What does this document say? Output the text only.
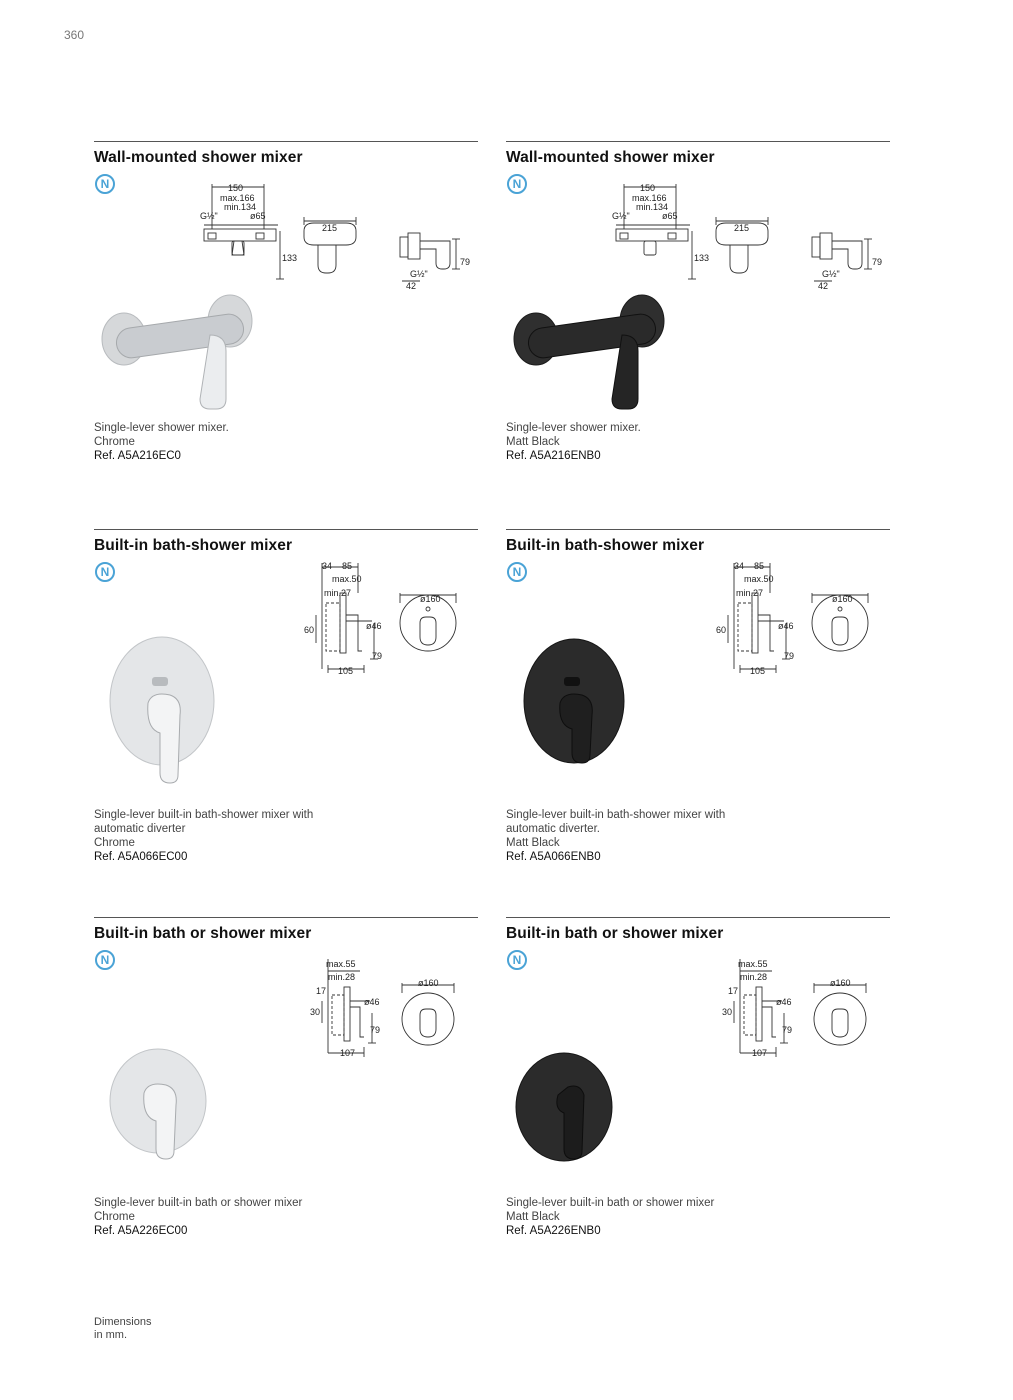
360
Wall-mounted shower mixer
N	150
max.166
min.134
G½"	ø65
133
215
79
G½"
42
Single-lever shower mixer.
Chrome
Ref. A5A216EC0
Wall-mounted shower mixer
N	150
max.166
min.134
G½"	ø65
133
215
79
G½"
42
Single-lever shower mixer.
Matt Black
Ref. A5A216ENB0
Built-in bath-shower mixer
N	34 85
max.50
min.27
60	ø46
79
105
ø160
Single-lever built-in bath-shower mixer with
automatic diverter
Chrome
Ref. A5A066EC00
Built-in bath-shower mixer
N	34 85
max.50
min.27
60	ø46
79
105
ø160
Single-lever built-in bath-shower mixer with
automatic diverter.
Matt Black
Ref. A5A066ENB0
Built-in bath or shower mixer
N	max.55
min.28
17
30
ø46
79
107
ø160
Single-lever built-in bath or shower mixer
Chrome
Ref. A5A226EC00
Built-in bath or shower mixer
N	max.55
min.28
17
30
ø46
79
107
ø160
Single-lever built-in bath or shower mixer
Matt Black
Ref. A5A226ENB0
Dimensions
in mm.
